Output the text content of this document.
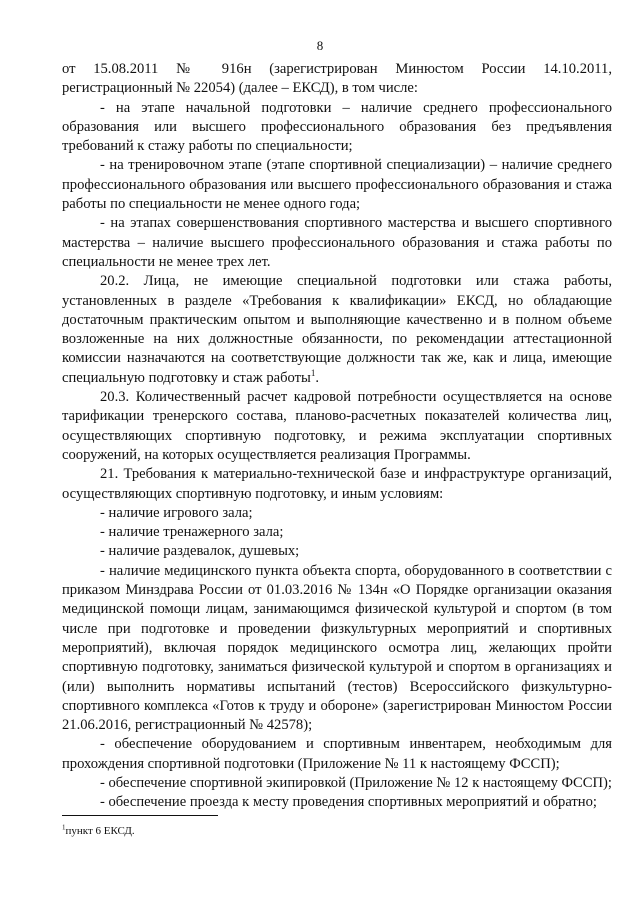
8

от 15.08.2011 № 916н (зарегистрирован Минюстом России 14.10.2011, регистрационный № 22054) (далее – ЕКСД), в том числе:

- на этапе начальной подготовки – наличие среднего профессионального образования или высшего профессионального образования без предъявления требований к стажу работы по специальности;

- на тренировочном этапе (этапе спортивной специализации) – наличие среднего профессионального образования или высшего профессионального образования и стажа работы по специальности не менее одного года;

- на этапах совершенствования спортивного мастерства и высшего спортивного мастерства – наличие высшего профессионального образования и стажа работы по специальности не менее трех лет.

20.2. Лица, не имеющие специальной подготовки или стажа работы, установленных в разделе «Требования к квалификации» ЕКСД, но обладающие достаточным практическим опытом и выполняющие качественно и в полном объеме возложенные на них должностные обязанности, по рекомендации аттестационной комиссии назначаются на соответствующие должности так же, как и лица, имеющие специальную подготовку и стаж работы$^1$.

20.3. Количественный расчет кадровой потребности осуществляется на основе тарификации тренерского состава, планово-расчетных показателей количества лиц, осуществляющих спортивную подготовку, и режима эксплуатации спортивных сооружений, на которых осуществляется реализация Программы.

21. Требования к материально-технической базе и инфраструктуре организаций, осуществляющих спортивную подготовку, и иным условиям:

- наличие игрового зала;

- наличие тренажерного зала;

- наличие раздевалок, душевых;

- наличие медицинского пункта объекта спорта, оборудованного в соответствии с приказом Минздрава России от 01.03.2016 № 134н «О Порядке организации оказания медицинской помощи лицам, занимающимся физической культурой и спортом (в том числе при подготовке и проведении физкультурных мероприятий и спортивных мероприятий), включая порядок медицинского осмотра лиц, желающих пройти спортивную подготовку, заниматься физической культурой и спортом в организациях и (или) выполнить нормативы испытаний (тестов) Всероссийского физкультурно-спортивного комплекса «Готов к труду и обороне» (зарегистрирован Минюстом России 21.06.2016, регистрационный № 42578);

- обеспечение оборудованием и спортивным инвентарем, необходимым для прохождения спортивной подготовки (Приложение № 11 к настоящему ФССП);

- обеспечение спортивной экипировкой (Приложение № 12 к настоящему ФССП);

- обеспечение проезда к месту проведения спортивных мероприятий и обратно;

$^1$пункт 6 ЕКСД.
